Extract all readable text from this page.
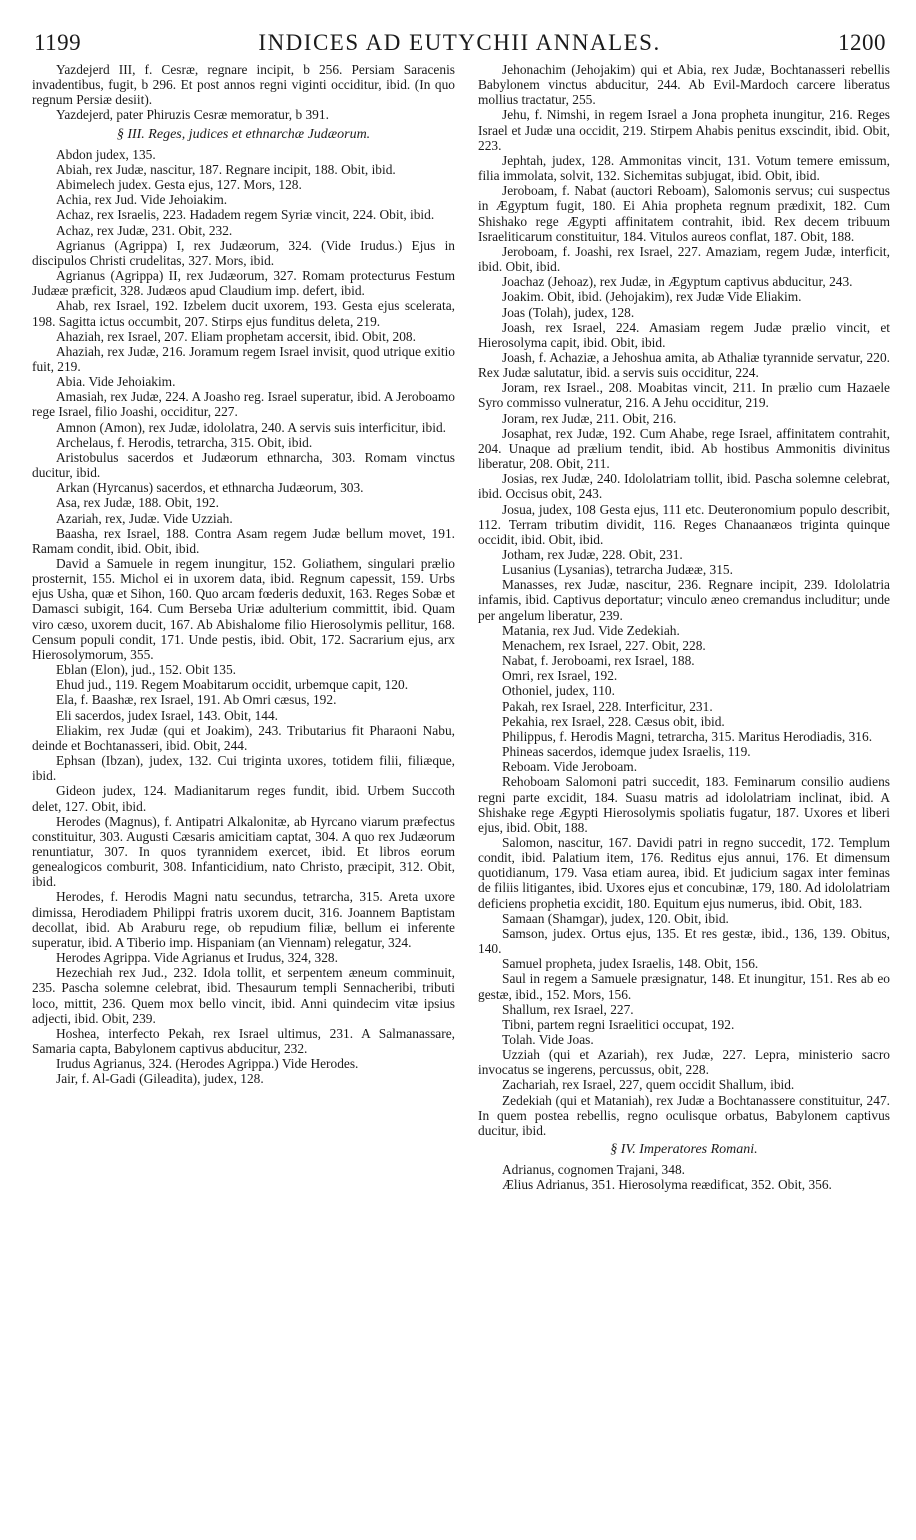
1199	INDICES AD EUTYCHII ANNALES.	1200

Yazdejerd III, f. Cesræ, regnare incipit, b 256. Persiam Saracenis invadentibus, fugit, b 296. Et post annos regni viginti occiditur, ibid. (In quo regnum Persiæ desiit).

Yazdejerd, pater Phiruzis Cesræ memoratur, b 391.

§ III. Reges, judices et ethnarchæ Judæorum.

Abdon judex, 135.

Abiah, rex Judæ, nascitur, 187. Regnare incipit, 188. Obit, ibid.

Abimelech judex. Gesta ejus, 127. Mors, 128.

Achia, rex Jud. Vide Jehoiakim.

Achaz, rex Israelis, 223. Hadadem regem Syriæ vincit, 224. Obit, ibid.

Achaz, rex Judæ, 231. Obit, 232.

Agrianus (Agrippa) I, rex Judæorum, 324. (Vide Irudus.) Ejus in discipulos Christi crudelitas, 327. Mors, ibid.

Agrianus (Agrippa) II, rex Judæorum, 327. Romam protecturus Festum Judææ præficit, 328. Judæos apud Claudium imp. defert, ibid.

Ahab, rex Israel, 192. Izbelem ducit uxorem, 193. Gesta ejus scelerata, 198. Sagitta ictus occumbit, 207. Stirps ejus funditus deleta, 219.

Ahaziah, rex Israel, 207. Eliam prophetam accersit, ibid. Obit, 208.

Ahaziah, rex Judæ, 216. Joramum regem Israel invisit, quod utrique exitio fuit, 219.

Abia. Vide Jehoiakim.

Amasiah, rex Judæ, 224. A Joasho reg. Israel superatur, ibid. A Jeroboamo rege Israel, filio Joashi, occiditur, 227.

Amnon (Amon), rex Judæ, idololatra, 240. A servis suis interficitur, ibid.

Archelaus, f. Herodis, tetrarcha, 315. Obit, ibid.

Aristobulus sacerdos et Judæorum ethnarcha, 303. Romam vinctus ducitur, ibid.

Arkan (Hyrcanus) sacerdos, et ethnarcha Judæorum, 303.

Asa, rex Judæ, 188. Obit, 192.

Azariah, rex, Judæ. Vide Uzziah.

Baasha, rex Israel, 188. Contra Asam regem Judæ bellum movet, 191. Ramam condit, ibid. Obit, ibid.

David a Samuele in regem inungitur, 152. Goliathem, singulari prælio prosternit, 155. Michol ei in uxorem data, ibid. Regnum capessit, 159. Urbs ejus Usha, quæ et Sihon, 160. Quo arcam fœderis deduxit, 163. Reges Sobæ et Damasci subigit, 164. Cum Berseba Uriæ adulterium committit, ibid. Quam viro cæso, uxorem ducit, 167. Ab Abishalome filio Hierosolymis pellitur, 168. Censum populi condit, 171. Unde pestis, ibid. Obit, 172. Sacrarium ejus, arx Hierosolymorum, 355.

Eblan (Elon), jud., 152. Obit 135.

Ehud jud., 119. Regem Moabitarum occidit, urbemque capit, 120.

Ela, f. Baashæ, rex Israel, 191. Ab Omri cæsus, 192.

Eli sacerdos, judex Israel, 143. Obit, 144.

Eliakim, rex Judæ (qui et Joakim), 243. Tributarius fit Pharaoni Nabu, deinde et Bochtanasseri, ibid. Obit, 244.

Ephsan (Ibzan), judex, 132. Cui triginta uxores, totidem filii, filiæque, ibid.

Gideon judex, 124. Madianitarum reges fundit, ibid. Urbem Succoth delet, 127. Obit, ibid.

Herodes (Magnus), f. Antipatri Alkalonitæ, ab Hyrcano viarum præfectus constituitur, 303. Augusti Cæsaris amicitiam captat, 304. A quo rex Judæorum renuntiatur, 307. In quos tyrannidem exercet, ibid. Et libros eorum genealogicos comburit, 308. Infanticidium, nato Christo, præcipit, 312. Obit, ibid.

Herodes, f. Herodis Magni natu secundus, tetrarcha, 315. Areta uxore dimissa, Herodiadem Philippi fratris uxorem ducit, 316. Joannem Baptistam decollat, ibid. Ab Araburu rege, ob repudium filiæ, bellum ei inferente superatur, ibid. A Tiberio imp. Hispaniam (an Viennam) relegatur, 324.

Herodes Agrippa. Vide Agrianus et Irudus, 324, 328.

Hezechiah rex Jud., 232. Idola tollit, et serpentem æneum comminuit, 235. Pascha solemne celebrat, ibid. Thesaurum templi Sennacheribi, tributi loco, mittit, 236. Quem mox bello vincit, ibid. Anni quindecim vitæ ipsius adjecti, ibid. Obit, 239.

Hoshea, interfecto Pekah, rex Israel ultimus, 231. A Salmanassare, Samaria capta, Babylonem captivus abducitur, 232.

Irudus Agrianus, 324. (Herodes Agrippa.) Vide Herodes.

Jair, f. Al-Gadi (Gileadita), judex, 128.

Jehonachim (Jehojakim) qui et Abia, rex Judæ, Bochtanasseri rebellis Babylonem vinctus abducitur, 244. Ab Evil-Mardoch carcere liberatus mollius tractatur, 255.

Jehu, f. Nimshi, in regem Israel a Jona propheta inungitur, 216. Reges Israel et Judæ una occidit, 219. Stirpem Ahabis penitus exscindit, ibid. Obit, 223.

Jephtah, judex, 128. Ammonitas vincit, 131. Votum temere emissum, filia immolata, solvit, 132. Sichemitas subjugat, ibid. Obit, ibid.

Jeroboam, f. Nabat (auctori Reboam), Salomonis servus; cui suspectus in Ægyptum fugit, 180. Ei Ahia propheta regnum prædixit, 182. Cum Shishako rege Ægypti affinitatem contrahit, ibid. Rex decem tribuum Israeliticarum constituitur, 184. Vitulos aureos conflat, 187. Obit, 188.

Jeroboam, f. Joashi, rex Israel, 227. Amaziam, regem Judæ, interficit, ibid. Obit, ibid.

Joachaz (Jehoaz), rex Judæ, in Ægyptum captivus abducitur, 243.

Joakim. Obit, ibid. (Jehojakim), rex Judæ Vide Eliakim.

Joas (Tolah), judex, 128.

Joash, rex Israel, 224. Amasiam regem Judæ prælio vincit, et Hierosolyma capit, ibid. Obit, ibid.

Joash, f. Achaziæ, a Jehoshua amita, ab Athaliæ tyrannide servatur, 220. Rex Judæ salutatur, ibid. a servis suis occiditur, 224.

Joram, rex Israel., 208. Moabitas vincit, 211. In prælio cum Hazaele Syro commisso vulneratur, 216. A Jehu occiditur, 219.

Joram, rex Judæ, 211. Obit, 216.

Josaphat, rex Judæ, 192. Cum Ahabe, rege Israel, affinitatem contrahit, 204. Unaque ad prælium tendit, ibid. Ab hostibus Ammonitis divinitus liberatur, 208. Obit, 211.

Josias, rex Judæ, 240. Idololatriam tollit, ibid. Pascha solemne celebrat, ibid. Occisus obit, 243.

Josua, judex, 108 Gesta ejus, 111 etc. Deuteronomium populo describit, 112. Terram tributim dividit, 116. Reges Chanaanæos triginta quinque occidit, ibid. Obit, ibid.

Jotham, rex Judæ, 228. Obit, 231.

Lusanius (Lysanias), tetrarcha Judææ, 315.

Manasses, rex Judæ, nascitur, 236. Regnare incipit, 239. Idololatria infamis, ibid. Captivus deportatur; vinculo æneo cremandus includitur; unde per angelum liberatur, 239.

Matania, rex Jud. Vide Zedekiah.

Menachem, rex Israel, 227. Obit, 228.

Nabat, f. Jeroboami, rex Israel, 188.

Omri, rex Israel, 192.

Othoniel, judex, 110.

Pakah, rex Israel, 228. Interficitur, 231.

Pekahia, rex Israel, 228. Cæsus obit, ibid.

Philippus, f. Herodis Magni, tetrarcha, 315. Maritus Herodiadis, 316.

Phineas sacerdos, idemque judex Israelis, 119.

Reboam. Vide Jeroboam.

Rehoboam Salomoni patri succedit, 183. Feminarum consilio audiens regni parte excidit, 184. Suasu matris ad idololatriam inclinat, ibid. A Shishake rege Ægypti Hierosolymis spoliatis fugatur, 187. Uxores et liberi ejus, ibid. Obit, 188.

Salomon, nascitur, 167. Davidi patri in regno succedit, 172. Templum condit, ibid. Palatium item, 176. Reditus ejus annui, 176. Et dimensum quotidianum, 179. Vasa etiam aurea, ibid. Et judicium sagax inter feminas de filiis litigantes, ibid. Uxores ejus et concubinæ, 179, 180. Ad idololatriam deficiens prophetia excidit, 180. Equitum ejus numerus, ibid. Obit, 183.

Samaan (Shamgar), judex, 120. Obit, ibid.

Samson, judex. Ortus ejus, 135. Et res gestæ, ibid., 136, 139. Obitus, 140.

Samuel propheta, judex Israelis, 148. Obit, 156.

Saul in regem a Samuele præsignatur, 148. Et inungitur, 151. Res ab eo gestæ, ibid., 152. Mors, 156.

Shallum, rex Israel, 227.

Tibni, partem regni Israelitici occupat, 192.

Tolah. Vide Joas.

Uzziah (qui et Azariah), rex Judæ, 227. Lepra, ministerio sacro invocatus se ingerens, percussus, obit, 228.

Zachariah, rex Israel, 227, quem occidit Shallum, ibid.

Zedekiah (qui et Mataniah), rex Judæ a Bochtanassere constituitur, 247. In quem postea rebellis, regno oculisque orbatus, Babylonem captivus ducitur, ibid.

§ IV. Imperatores Romani.

Adrianus, cognomen Trajani, 348.

Ælius Adrianus, 351. Hierosolyma reædificat, 352. Obit, 356.
